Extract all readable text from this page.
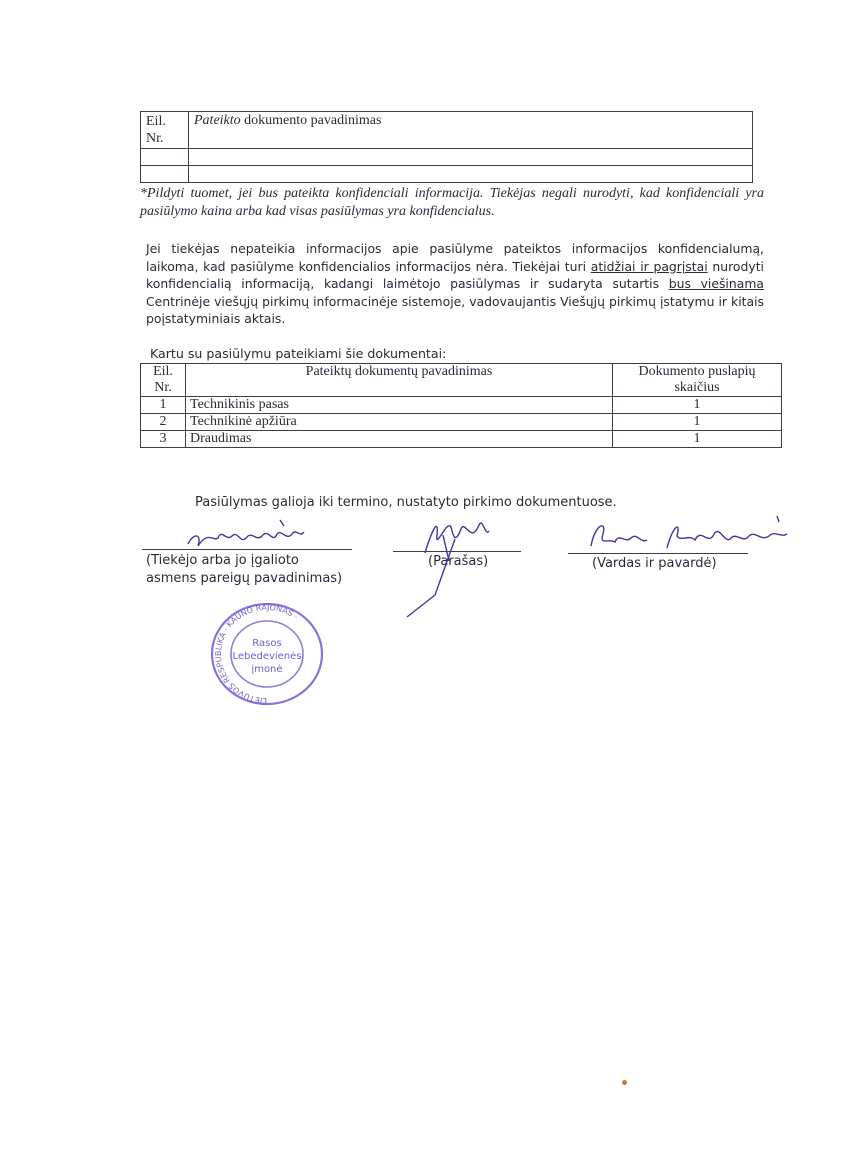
Eil. Nr.	Pateikto dokumento pavadinimas

*Pildyti tuomet, jei bus pateikta konfidenciali informacija. Tiekėjas negali nurodyti, kad konfidenciali yra pasiūlymo kaina arba kad visas pasiūlymas yra konfidencialus.
Jei tiekėjas nepateikia informacijos apie pasiūlyme pateiktos informacijos konfidencialumą, laikoma, kad pasiūlyme konfidencialios informacijos nėra. Tiekėjai turi atidžiai ir pagrįstai nurodyti konfidencialią informaciją, kadangi laimėtojo pasiūlymas ir sudaryta sutartis bus viešinama Centrinėje viešųjų pirkimų informacinėje sistemoje, vadovaujantis Viešųjų pirkimų įstatymu ir kitais poįstatyminiais aktais.
Kartu su pasiūlymu pateikiami šie dokumentai:
Eil. Nr.	Pateiktų dokumentų pavadinimas	Dokumento puslapių skaičius
1	Technikinis pasas	1
2	Technikinė apžiūra	1
3	Draudimas	1
Pasiūlymas galioja iki termino, nustatyto pirkimo dokumentuose.
(Tiekėjo arba jo įgalioto asmens pareigų pavadinimas)
(Parašas)	(Vardas ir pavardė)
LIETUVOS RESPUBLIKA · KAUNO RAJONAS ·
Rasos
Lebedevienės
įmonė
